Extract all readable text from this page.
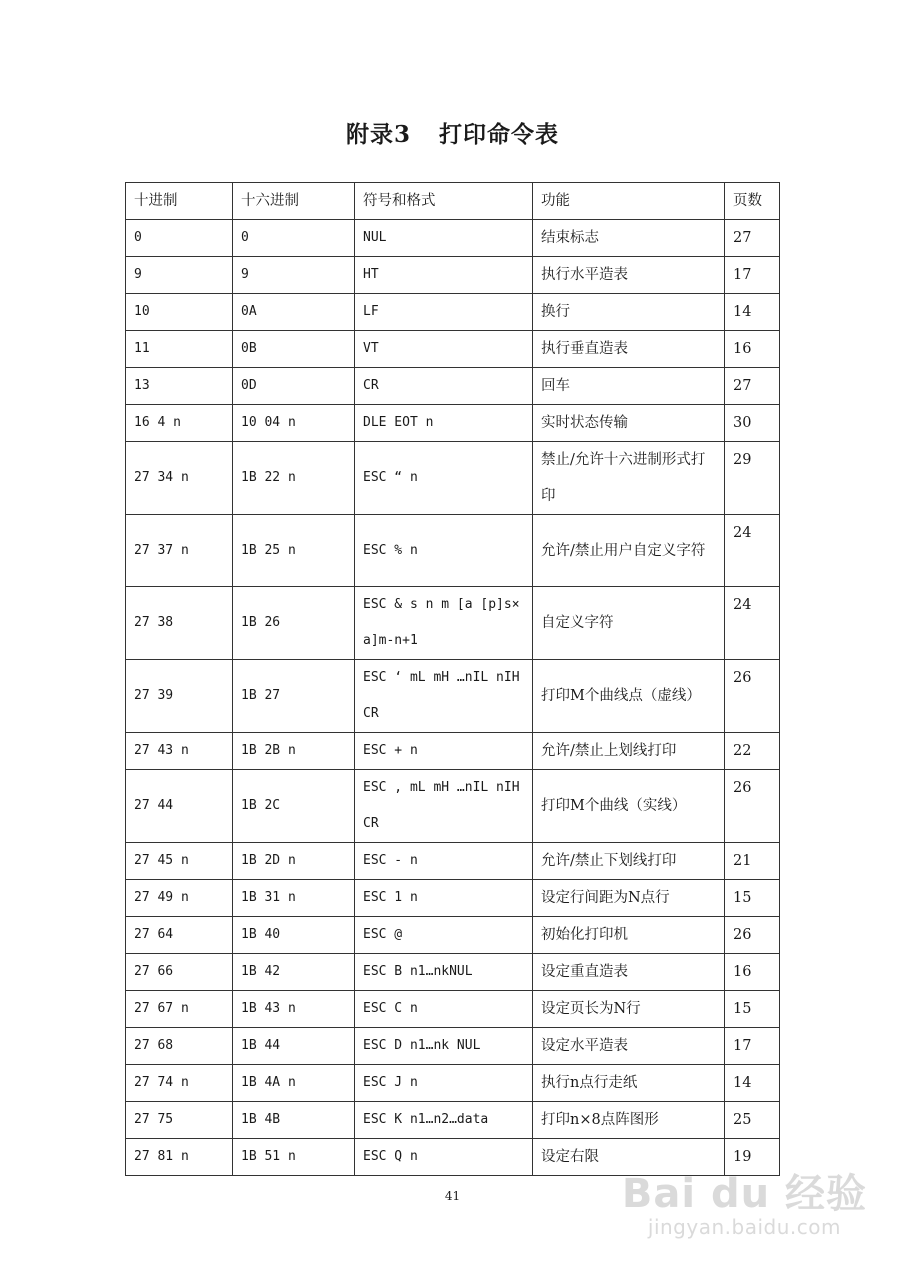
附录3 打印命令表
十进制	十六进制	符号和格式	功能	页数
0	0	NUL	结束标志	27
9	9	HT	执行水平造表	17
10	0A	LF	换行	14
11	0B	VT	执行垂直造表	16
13	0D	CR	回车	27
16 4 n	10 04 n	DLE EOT n	实时状态传输	30
27 34 n	1B 22 n	ESC “ n	禁止/允许十六进制形式打印	29
27 37 n	1B 25 n	ESC % n	允许/禁止用户自定义字符	24
27 38	1B 26	ESC & s n m [a [p]s×a]m-n+1	自定义字符	24
27 39	1B 27	ESC ‘ mL mH …nIL nIH CR	打印M个曲线点（虚线）	26
27 43 n	1B 2B n	ESC + n	允许/禁止上划线打印	22
27 44	1B 2C	ESC , mL mH …nIL nIH CR	打印M个曲线（实线）	26
27 45 n	1B 2D n	ESC - n	允许/禁止下划线打印	21
27 49 n	1B 31 n	ESC 1 n	设定行间距为N点行	15
27 64	1B 40	ESC @	初始化打印机	26
27 66	1B 42	ESC B n1…nkNUL	设定重直造表	16
27 67 n	1B 43 n	ESC C n	设定页长为N行	15
27 68	1B 44	ESC D n1…nk NUL	设定水平造表	17
27 74 n	1B 4A n	ESC J n	执行n点行走纸	14
27 75	1B 4B	ESC K n1…n2…data	打印n×8点阵图形	25
27 81 n	1B 51 n	ESC Q n	设定右限	19
41	Bai du 经验
jingyan.baidu.com
